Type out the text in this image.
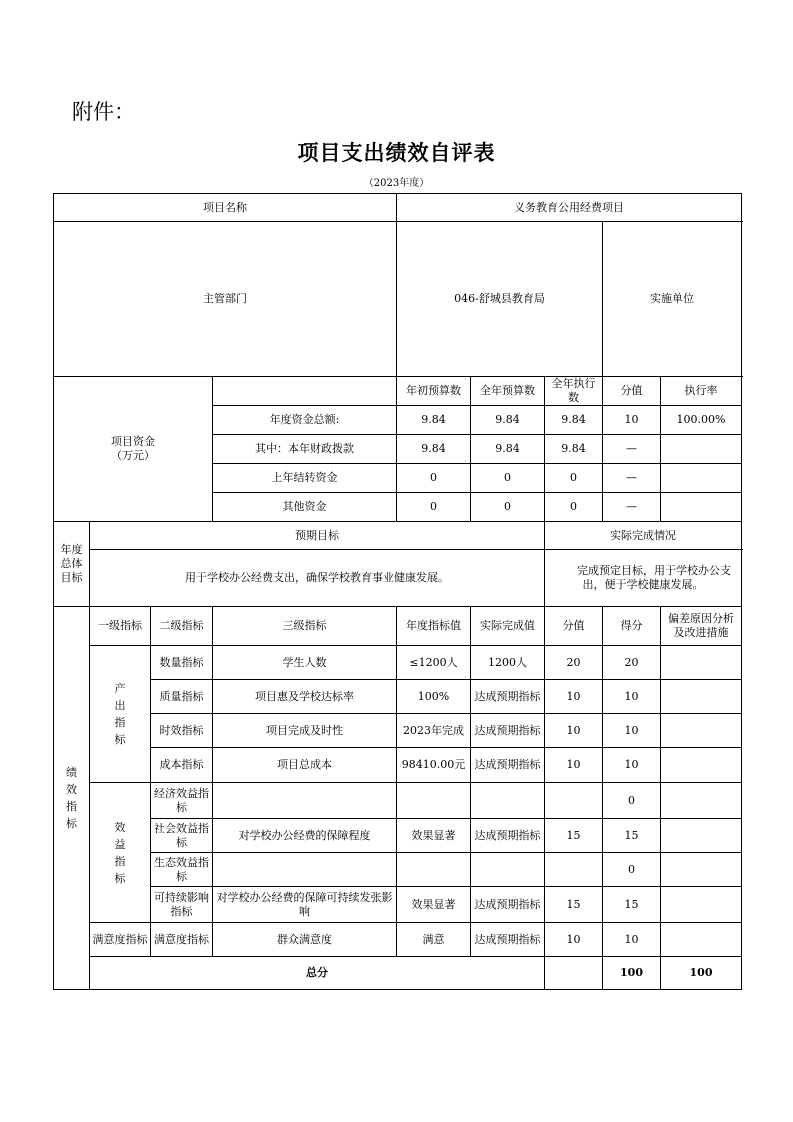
附件：
项目支出绩效自评表
（2023年度）
项目名称				义务教育公用经费项目					
主管部门				046-舒城县教育局			实施单位	
项目资金
（万元）				年初预算数	全年预算数	全年执行数	分值	执行率	
			年度资金总额:	9.84	9.84	9.84	10	100.00%	
			其中：本年财政拨款	9.84	9.84	9.84	—		
			上年结转资金	0	0	0	—		
			其他资金	0	0	0	—		
年度总体目标	预期目标					实际完成情况			
	用于学校办公经费支出，确保学校教育事业健康发展。					完成预定目标，用于学校办公支出，便于学校健康发展。			
绩效指标	一级指标	二级指标	三级指标	年度指标值	实际完成值	分值	得分	偏差原因分析及改进措施	
	产出指标	数量指标	学生人数	≤1200人	1200人	20	20		
		质量指标	项目惠及学校达标率	100%	达成预期指标	10	10		
		时效指标	项目完成及时性	2023年完成	达成预期指标	10	10		
		成本指标	项目总成本	98410.00元	达成预期指标	10	10		
	效益指标	经济效益指标					0		
		社会效益指标	对学校办公经费的保障程度	效果显著	达成预期指标	15	15		
		生态效益指标					0		
		可持续影响指标	对学校办公经费的保障可持续发张影响	效果显著	达成预期指标	15	15		
	满意度指标	满意度指标	群众满意度	满意	达成预期指标	10	10		
	总分						100	100	
